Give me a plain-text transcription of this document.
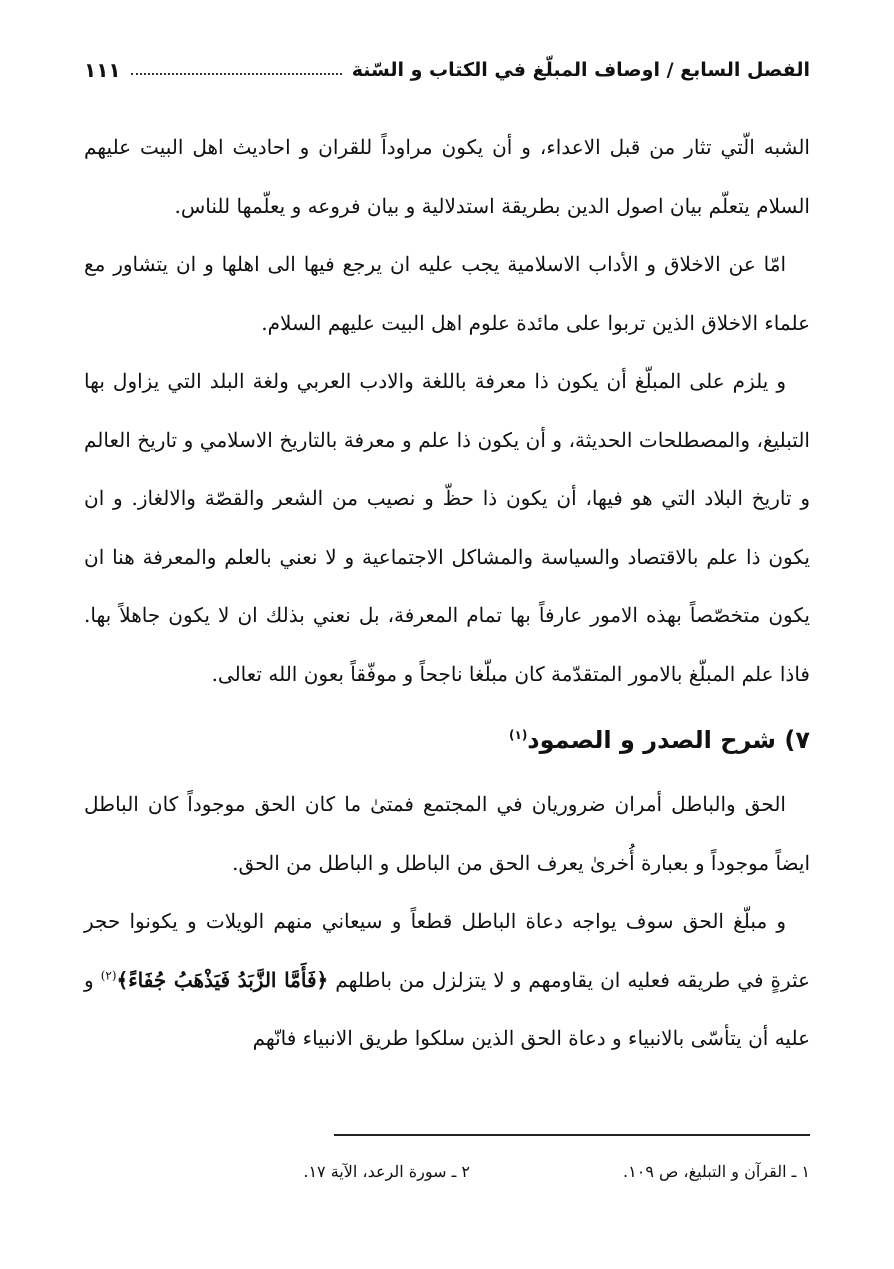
الفصل السابع / اوصاف المبلّغ في الكتاب و السّنة
١١١

الشبه الّتي تثار من قبل الاعداء، و أن يكون مراوداً للقران و احاديث اهل البيت عليهم السلام يتعلّم بيان اصول الدين بطريقة استدلالية و بيان فروعه و يعلّمها للناس.

امّا عن الاخلاق و الأداب الاسلامية يجب عليه ان يرجع فيها الى اهلها و ان يتشاور مع علماء الاخلاق الذين تربوا على مائدة علوم اهل البيت عليهم السلام.

و يلزم على المبلّغ أن يكون ذا معرفة باللغة والادب العربي ولغة البلد التي يزاول بها التبليغ، والمصطلحات الحديثة، و أن يكون ذا علم و معرفة بالتاريخ الاسلامي و تاريخ العالم و تاريخ البلاد التي هو فيها، أن يكون ذا حظّ و نصيب من الشعر والقصّة والالغاز. و ان يكون ذا علم بالاقتصاد والسياسة والمشاكل الاجتماعية و لا نعني بالعلم والمعرفة هنا ان يكون متخصّصاً بهذه الامور عارفاً بها تمام المعرفة، بل نعني بذلك ان لا يكون جاهلاً بها. فاذا علم المبلّغ بالامور المتقدّمة كان مبلّغا ناجحاً و موفّقاً بعون الله تعالى.

٧) شرح الصدر و الصمود$^{(١)}$

الحق والباطل أمران ضروريان في المجتمع فمتىٰ ما كان الحق موجوداً كان الباطل ايضاً موجوداً و بعبارة أُخرىٰ يعرف الحق من الباطل و الباطل من الحق.

و مبلّغ الحق سوف يواجه دعاة الباطل قطعاً و سيعاني منهم الويلات و يكونوا حجر عثرةٍ في طريقه فعليه ان يقاومهم و لا يتزلزل من باطلهم ﴿فَأَمَّا الزَّبَدُ فَيَذْهَبُ جُفَاءً﴾$^{(٢)}$ و عليه أن يتأسّى بالانبياء و دعاة الحق الذين سلكوا طريق الانبياء فانّهم

١ ـ القرآن و التبليغ، ص ١٠٩.
٢ ـ سورة الرعد، الآية ١٧.
